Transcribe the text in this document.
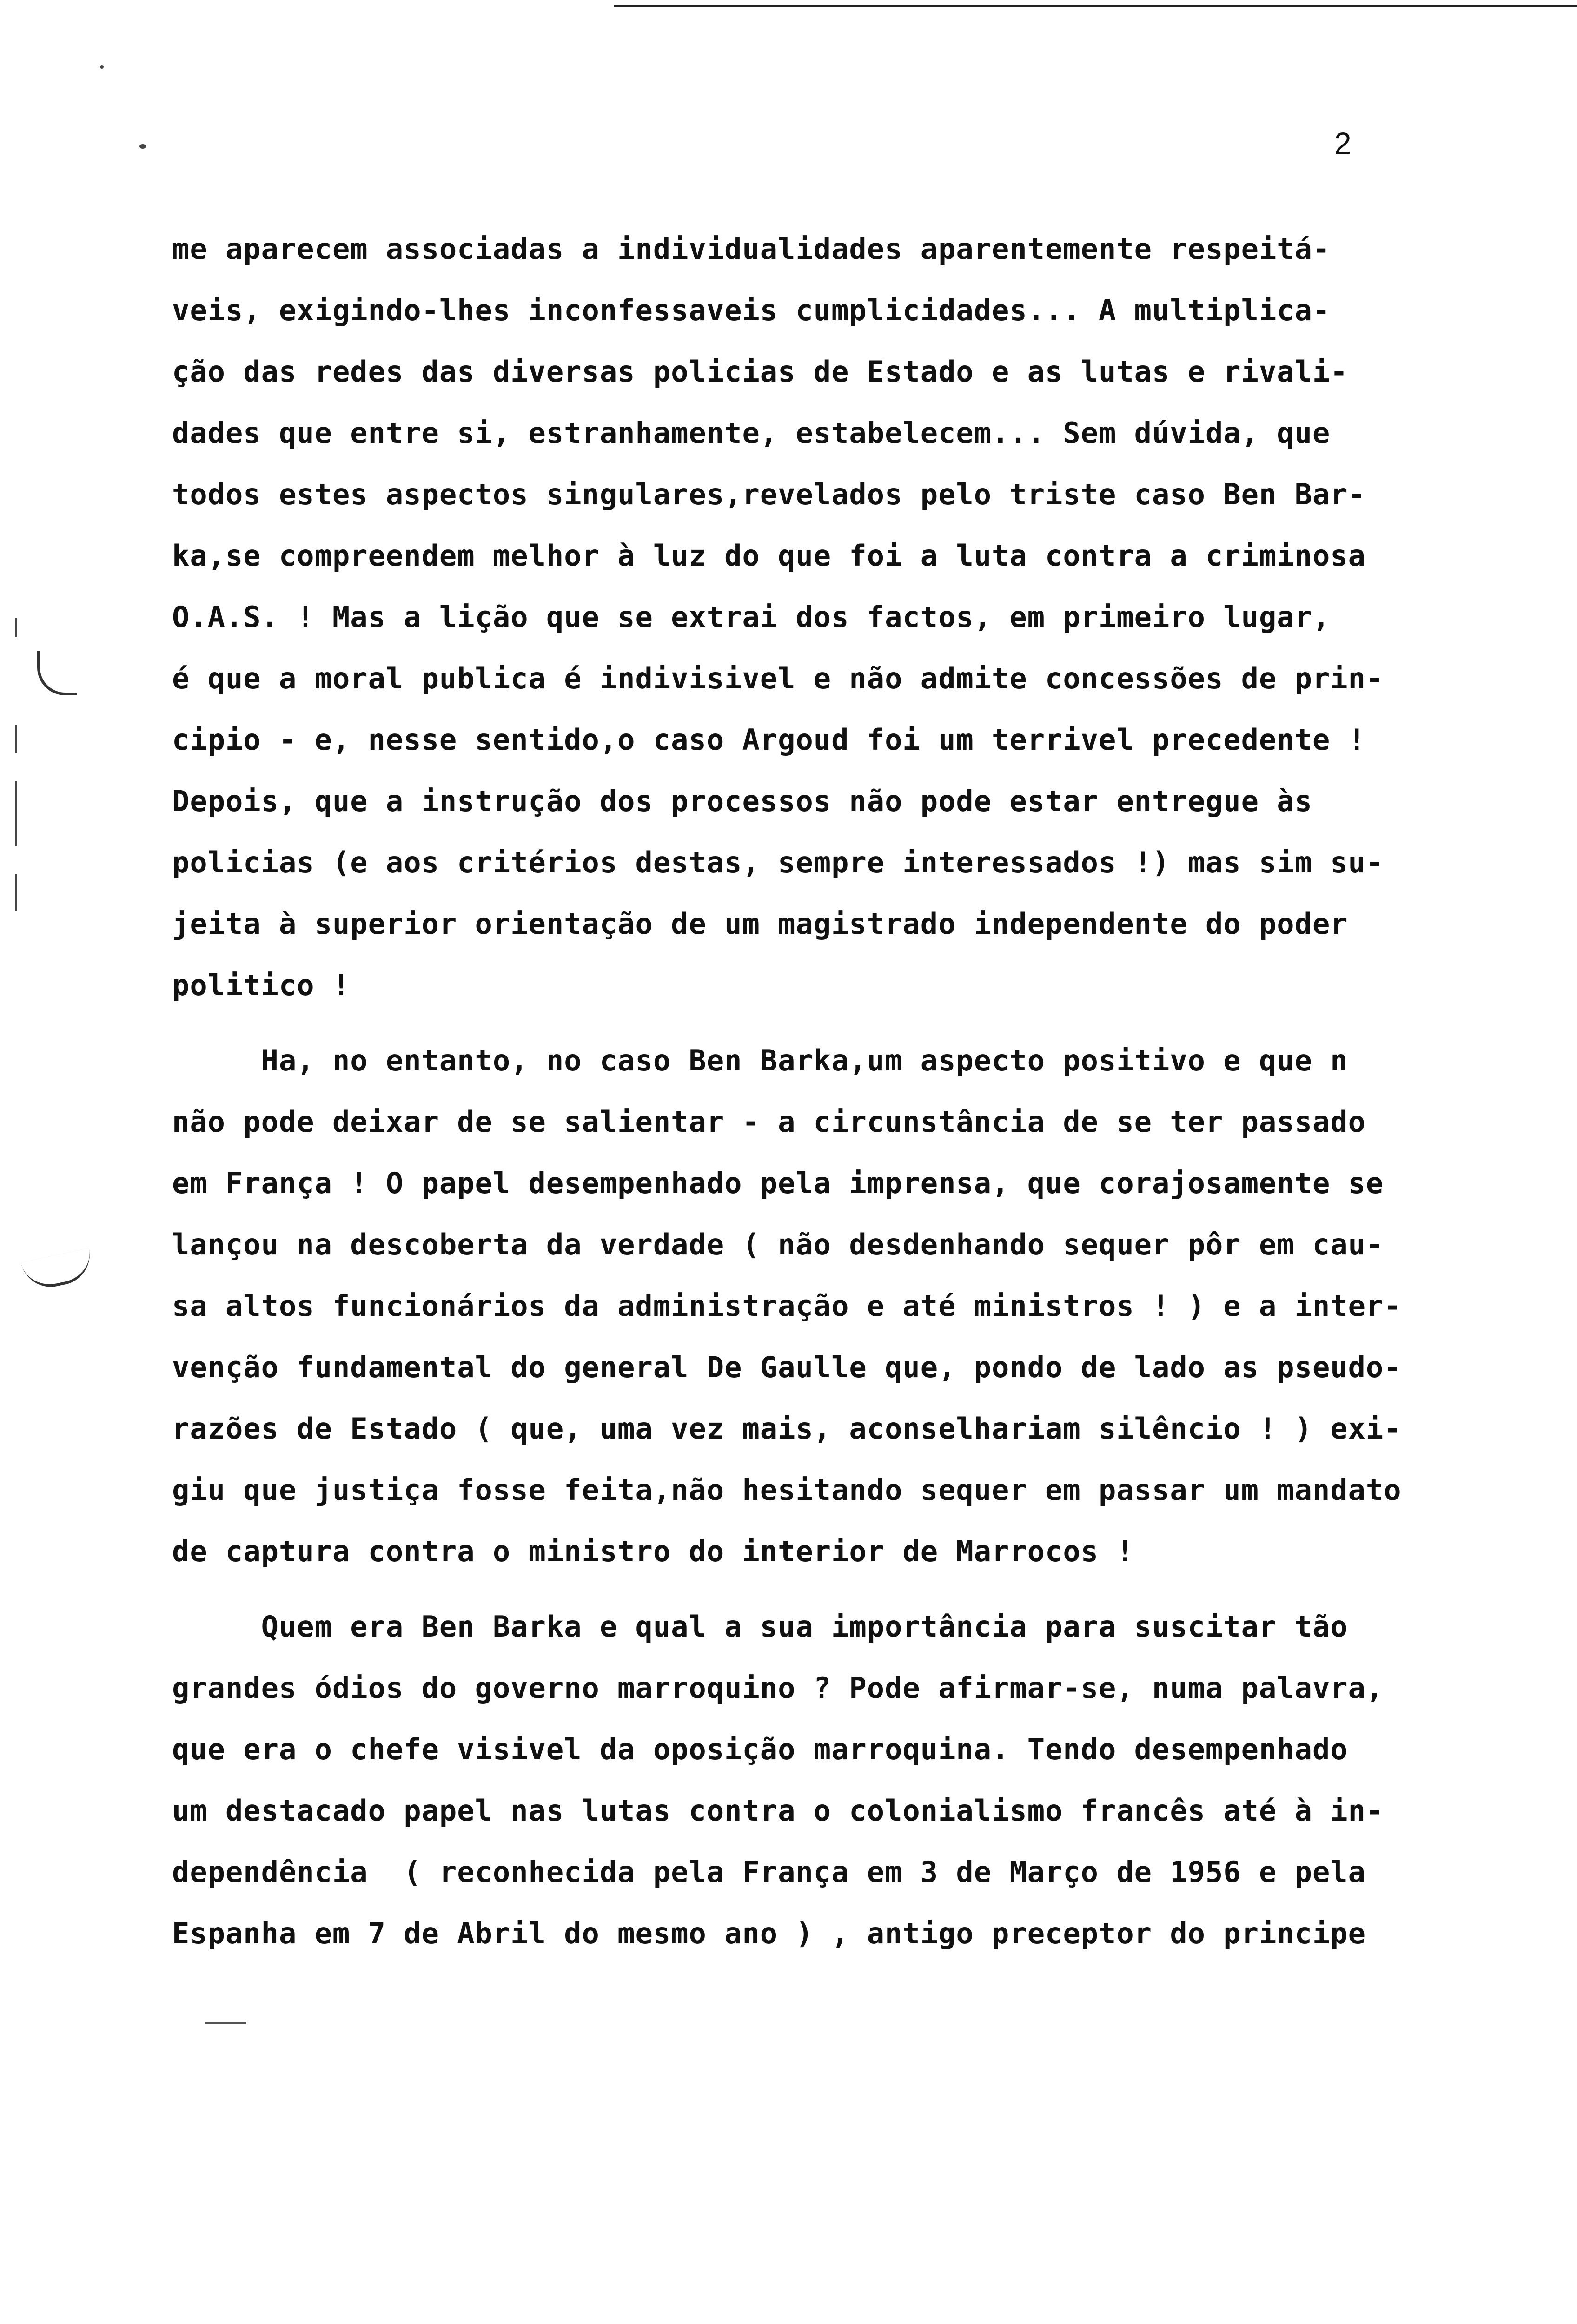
2
me aparecem associadas a individualidades aparentemente respeitá-
veis, exigindo-lhes inconfessaveis cumplicidades... A multiplica-
ção das redes das diversas policias de Estado e as lutas e rivali-
dades que entre si, estranhamente, estabelecem... Sem dúvida, que
todos estes aspectos singulares,revelados pelo triste caso Ben Bar-
ka,se compreendem melhor à luz do que foi a luta contra a criminosa
O.A.S. ! Mas a lição que se extrai dos factos, em primeiro lugar,
é que a moral publica é indivisivel e não admite concessões de prin-
cipio - e, nesse sentido,o caso Argoud foi um terrivel precedente !
Depois, que a instrução dos processos não pode estar entregue às
policias (e aos critérios destas, sempre interessados !) mas sim su-
jeita à superior orientação de um magistrado independente do poder
politico !
Ha, no entanto, no caso Ben Barka,um aspecto positivo e que n
não pode deixar de se salientar - a circunstância de se ter passado
em França ! O papel desempenhado pela imprensa, que corajosamente se
lançou na descoberta da verdade ( não desdenhando sequer pôr em cau-
sa altos funcionários da administração e até ministros ! ) e a inter-
venção fundamental do general De Gaulle que, pondo de lado as pseudo-
razões de Estado ( que, uma vez mais, aconselhariam silêncio ! ) exi-
giu que justiça fosse feita,não hesitando sequer em passar um mandato
de captura contra o ministro do interior de Marrocos !
Quem era Ben Barka e qual a sua importância para suscitar tão
grandes ódios do governo marroquino ? Pode afirmar-se, numa palavra,
que era o chefe visivel da oposição marroquina. Tendo desempenhado
um destacado papel nas lutas contra o colonialismo francês até à in-
dependência  ( reconhecida pela França em 3 de Março de 1956 e pela
Espanha em 7 de Abril do mesmo ano ) , antigo preceptor do principe
